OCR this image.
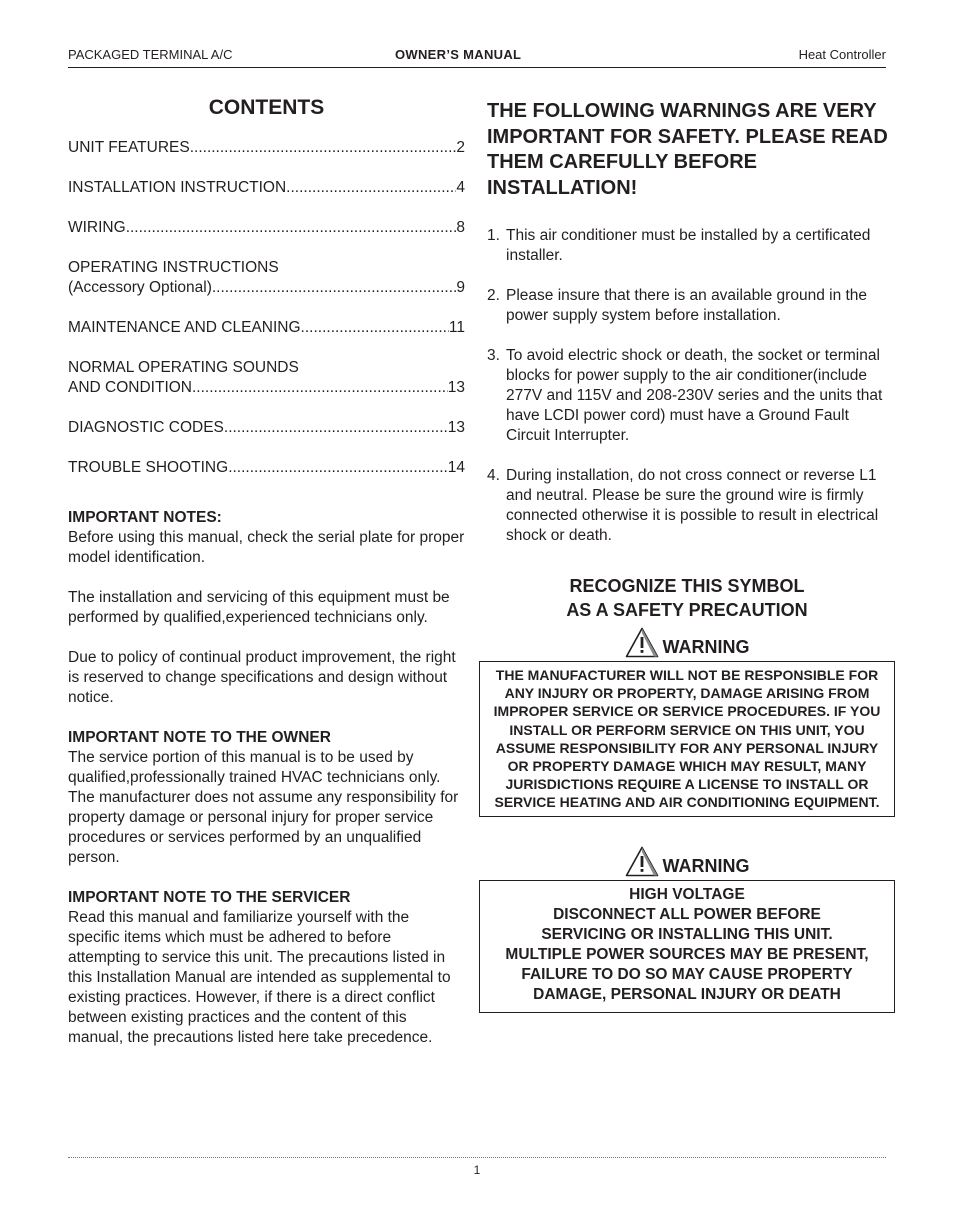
PACKAGED TERMINAL A/C	OWNER’S MANUAL	Heat Controller
CONTENTS
UNIT FEATURES .....	2
INSTALLATION INSTRUCTION .....	4
WIRING .....	8
OPERATING INSTRUCTIONS
(Accessory Optional). .....	9
MAINTENANCE AND CLEANING .....	11
NORMAL OPERATING SOUNDS
AND CONDITION .....	13
DIAGNOSTIC CODES .....	13
TROUBLE SHOOTING .....	14

IMPORTANT NOTES:
Before using this manual, check the serial plate for proper model identification.

The installation and servicing of this equipment must be performed by qualified,experienced technicians only.

Due to policy of continual product improvement, the right is reserved to change specifications and design without notice.

IMPORTANT NOTE TO THE OWNER
The service portion of this manual is to be used by qualified,professionally trained HVAC technicians only. The manufacturer does not assume any responsibility for property damage or personal injury for proper service procedures or services performed by an unqualified person.

IMPORTANT NOTE TO THE SERVICER
Read this manual and familiarize yourself with the specific items which must be adhered to before attempting to service this unit. The precautions listed in this Installation Manual are intended as supplemental to existing practices. However, if there is a direct conflict between existing practices and the content of this manual, the precautions listed here take precedence.

THE FOLLOWING WARNINGS ARE VERY IMPORTANT FOR SAFETY. PLEASE READ THEM CAREFULLY BEFORE INSTALLATION!
1. This air conditioner must be installed by a certificated installer.
2. Please insure that there is an available ground in the power supply system before installation.
3. To avoid electric shock or death, the socket or terminal blocks for power supply to the air conditioner(include 277V and 115V and 208-230V series and the units that have LCDI power cord) must have a Ground Fault Circuit Interrupter.
4. During installation, do not cross connect or reverse L1 and neutral. Please be sure the ground wire is firmly connected otherwise it is possible to result in electrical shock or death.
RECOGNIZE THIS SYMBOL
AS A SAFETY PRECAUTION
WARNING
THE MANUFACTURER WILL NOT BE RESPONSIBLE FOR ANY INJURY OR PROPERTY, DAMAGE ARISING FROM IMPROPER SERVICE OR SERVICE PROCEDURES. IF YOU INSTALL OR PERFORM SERVICE ON THIS UNIT, YOU ASSUME RESPONSIBILITY FOR ANY PERSONAL INJURY OR PROPERTY DAMAGE WHICH MAY RESULT, MANY JURISDICTIONS REQUIRE A LICENSE TO INSTALL OR SERVICE HEATING AND AIR CONDITIONING EQUIPMENT.
WARNING
HIGH VOLTAGE
DISCONNECT ALL POWER BEFORE
SERVICING OR INSTALLING THIS UNIT.
MULTIPLE POWER SOURCES MAY BE PRESENT,
FAILURE TO DO SO MAY CAUSE PROPERTY
DAMAGE, PERSONAL INJURY OR DEATH
1
